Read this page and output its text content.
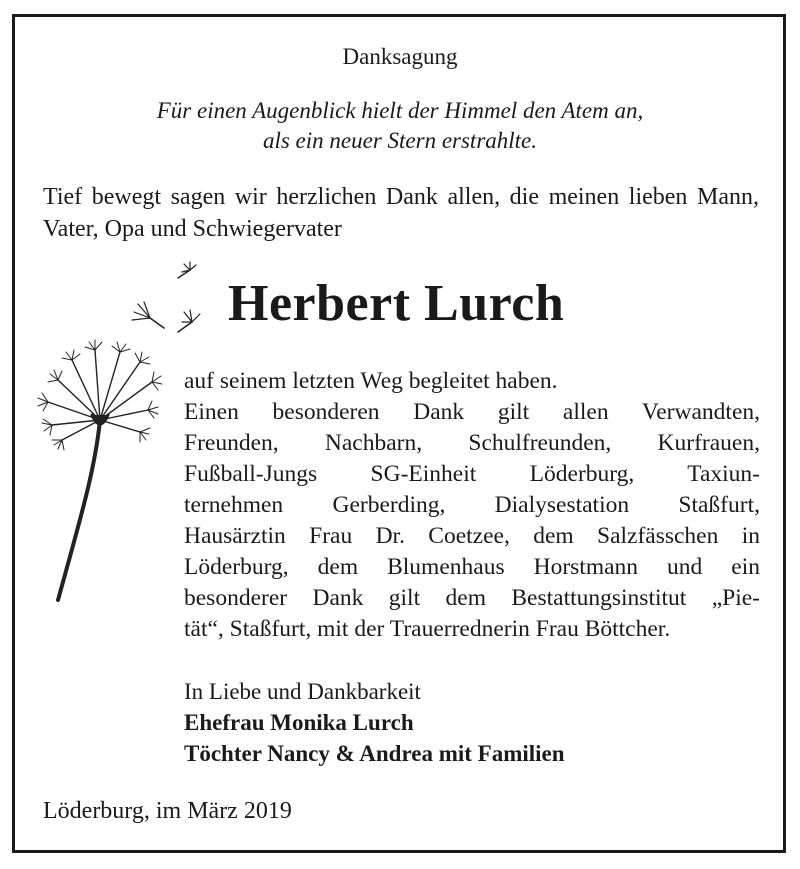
Danksagung
Für einen Augenblick hielt der Himmel den Atem an,
als ein neuer Stern erstrahlte.
Tief bewegt sagen wir herzlichen Dank allen, die meinen lieben Mann, Vater, Opa und Schwiegervater
Herbert Lurch
auf seinem letzten Weg begleitet haben.
Einen besonderen Dank gilt allen Verwandten,
Freunden, Nachbarn, Schulfreunden, Kurfrauen,
Fußball-Jungs SG-Einheit Löderburg, Taxiun-
ternehmen Gerberding, Dialysestation Staßfurt,
Hausärztin Frau Dr. Coetzee, dem Salzfässchen in
Löderburg, dem Blumenhaus Horstmann und ein
besonderer Dank gilt dem Bestattungsinstitut „Pie-
tät“, Staßfurt, mit der Trauerrednerin Frau Böttcher.
In Liebe und Dankbarkeit
Ehefrau Monika Lurch
Töchter Nancy & Andrea mit Familien
Löderburg, im März 2019
